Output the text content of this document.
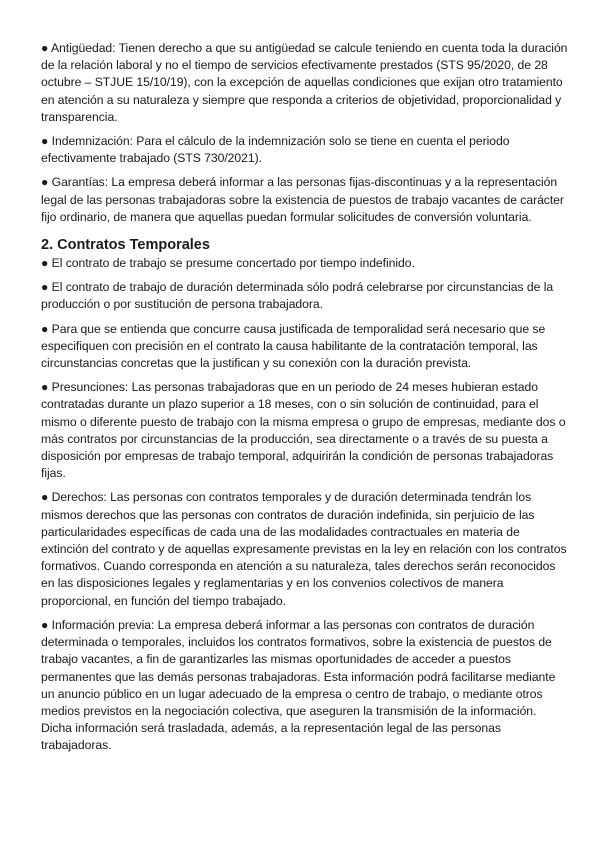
● Antigüedad: Tienen derecho a que su antigüedad se calcule teniendo en cuenta toda la duración de la relación laboral y no el tiempo de servicios efectivamente prestados (STS 95/2020, de 28 octubre – STJUE 15/10/19), con la excepción de aquellas condiciones que exijan otro tratamiento en atención a su naturaleza y siempre que responda a criterios de objetividad, proporcionalidad y transparencia.

● Indemnización: Para el cálculo de la indemnización solo se tiene en cuenta el periodo efectivamente trabajado (STS 730/2021).

● Garantías: La empresa deberá informar a las personas fijas-discontinuas y a la representación legal de las personas trabajadoras sobre la existencia de puestos de trabajo vacantes de carácter fijo ordinario, de manera que aquellas puedan formular solicitudes de conversión voluntaria.

2. Contratos Temporales

● El contrato de trabajo se presume concertado por tiempo indefinido.

● El contrato de trabajo de duración determinada sólo podrá celebrarse por circunstancias de la producción o por sustitución de persona trabajadora.

● Para que se entienda que concurre causa justificada de temporalidad será necesario que se especifiquen con precisión en el contrato la causa habilitante de la contratación temporal, las circunstancias concretas que la justifican y su conexión con la duración prevista.

● Presunciones: Las personas trabajadoras que en un periodo de 24 meses hubieran estado contratadas durante un plazo superior a 18 meses, con o sin solución de continuidad, para el mismo o diferente puesto de trabajo con la misma empresa o grupo de empresas, mediante dos o más contratos por circunstancias de la producción, sea directamente o a través de su puesta a disposición por empresas de trabajo temporal, adquirirán la condición de personas trabajadoras fijas.

● Derechos: Las personas con contratos temporales y de duración determinada tendrán los mismos derechos que las personas con contratos de duración indefinida, sin perjuicio de las particularidades específicas de cada una de las modalidades contractuales en materia de extinción del contrato y de aquellas expresamente previstas en la ley en relación con los contratos formativos. Cuando corresponda en atención a su naturaleza, tales derechos serán reconocidos en las disposiciones legales y reglamentarias y en los convenios colectivos de manera proporcional, en función del tiempo trabajado.

● Información previa: La empresa deberá informar a las personas con contratos de duración determinada o temporales, incluidos los contratos formativos, sobre la existencia de puestos de trabajo vacantes, a fin de garantizarles las mismas oportunidades de acceder a puestos permanentes que las demás personas trabajadoras. Esta información podrá facilitarse mediante un anuncio público en un lugar adecuado de la empresa o centro de trabajo, o mediante otros medios previstos en la negociación colectiva, que aseguren la transmisión de la información. Dicha información será trasladada, además, a la representación legal de las personas trabajadoras.
